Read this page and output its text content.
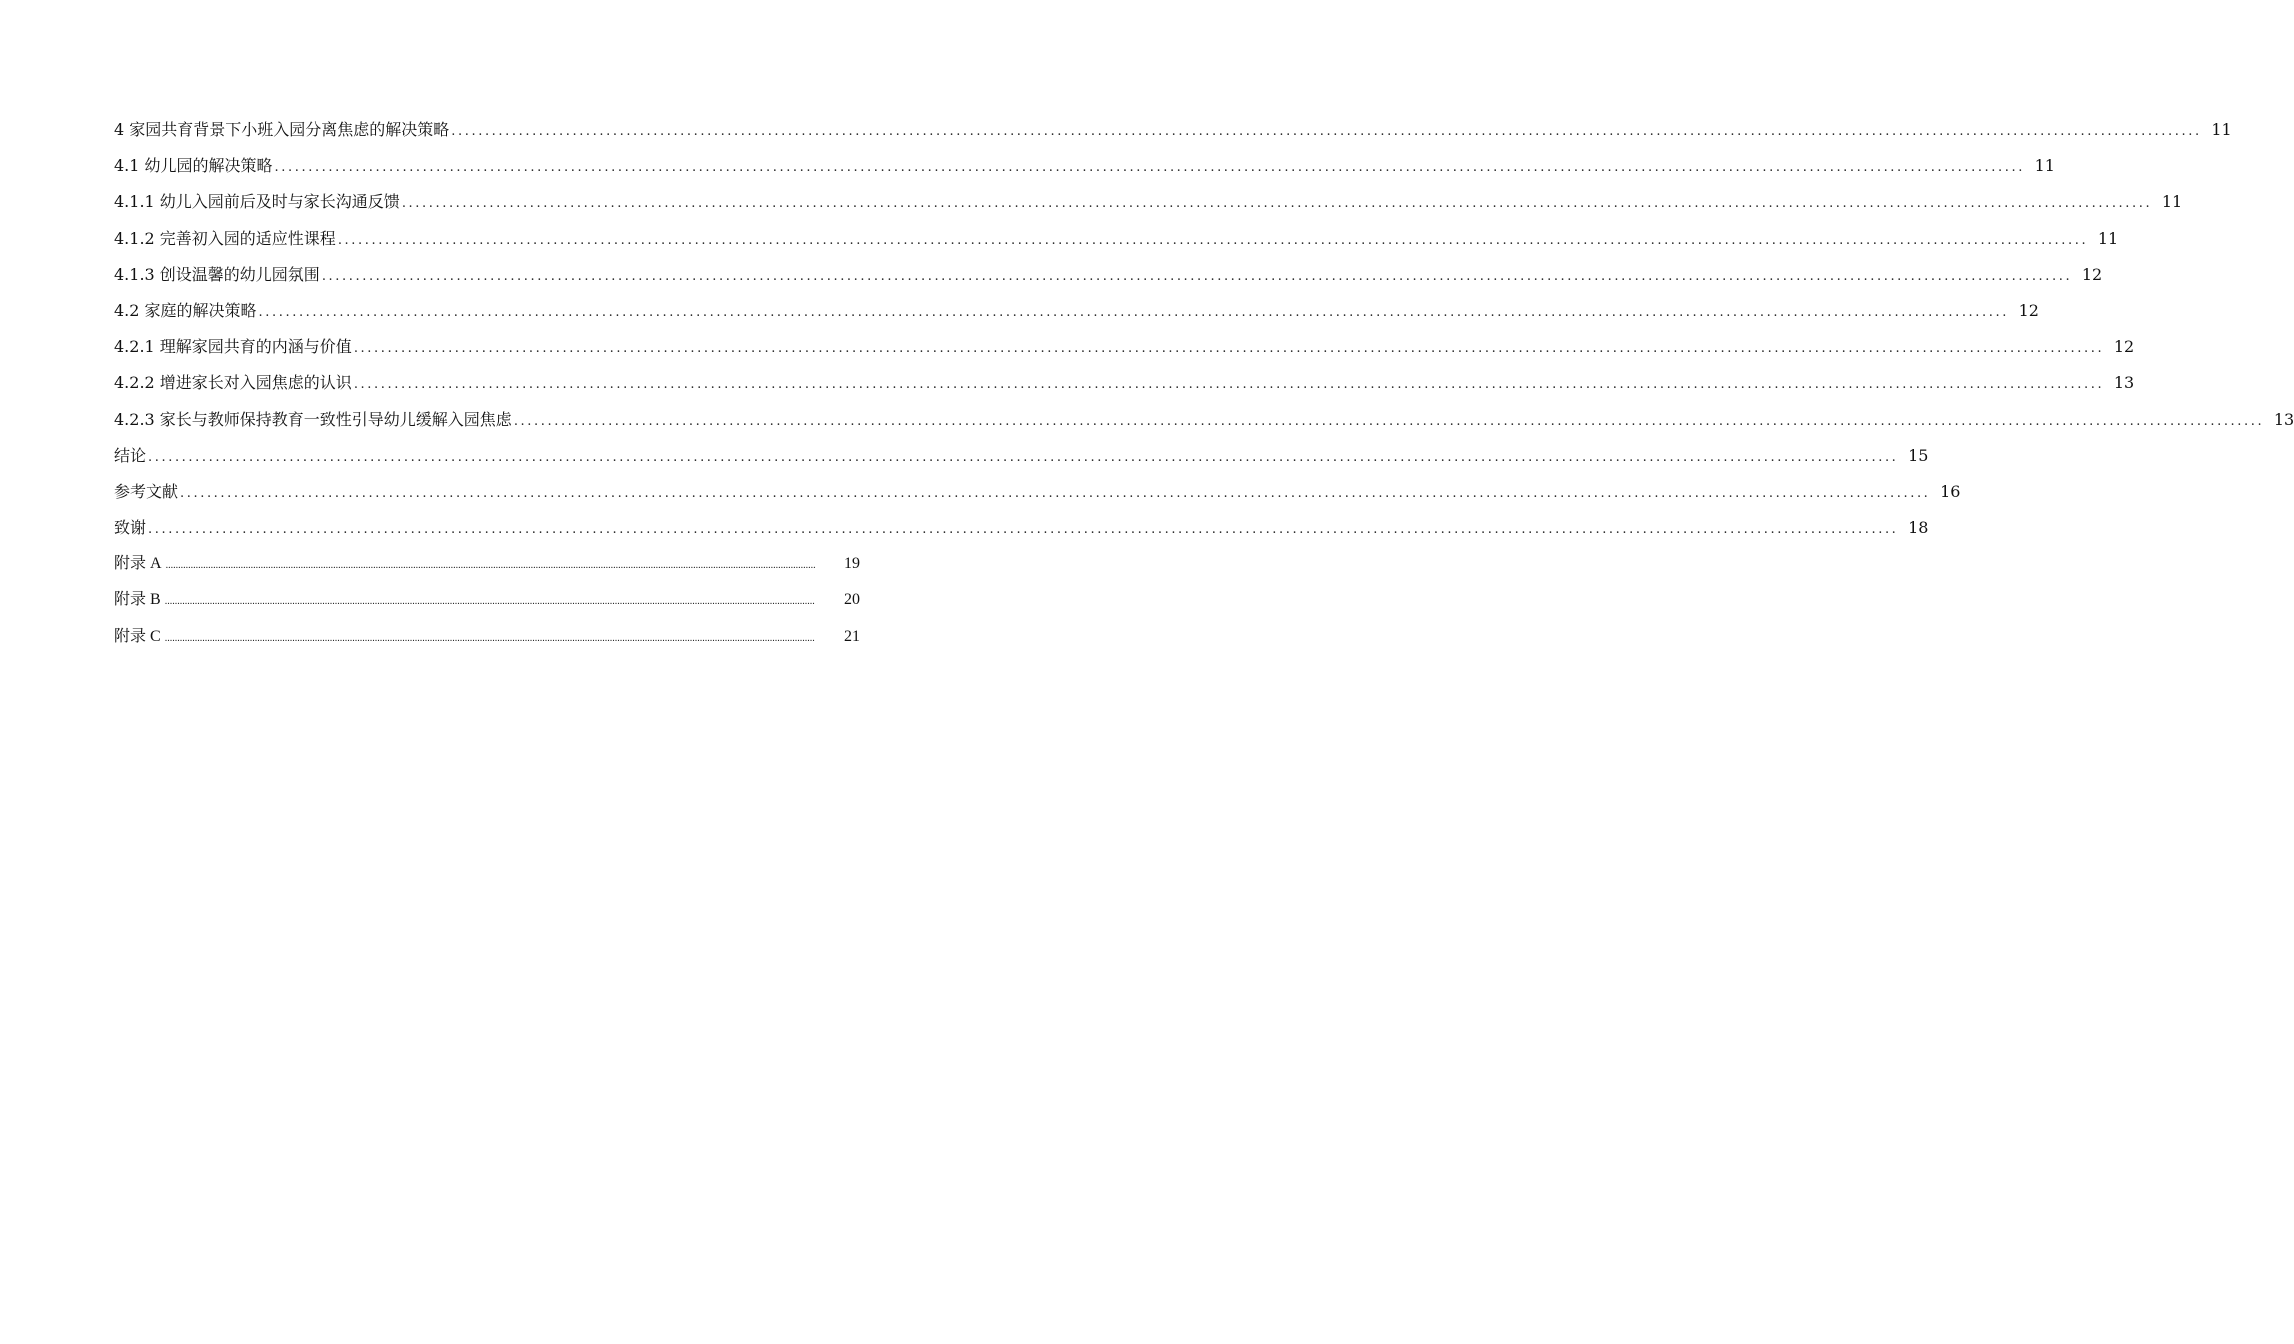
4 家园共育背景下小班入园分离焦虑的解决策略 .................................................................................................................................................................................................................................................................... 11
4.1 幼儿园的解决策略 .................................................................................................................................................................................................................................................................... 11
4.1.1 幼儿入园前后及时与家长沟通反馈 .................................................................................................................................................................................................................................................................... 11
4.1.2 完善初入园的适应性课程 .................................................................................................................................................................................................................................................................... 11
4.1.3 创设温馨的幼儿园氛围 .................................................................................................................................................................................................................................................................... 12
4.2 家庭的解决策略 .................................................................................................................................................................................................................................................................... 12
4.2.1 理解家园共育的内涵与价值 .................................................................................................................................................................................................................................................................... 12
4.2.2 增进家长对入园焦虑的认识 .................................................................................................................................................................................................................................................................... 13
4.2.3 家长与教师保持教育一致性引导幼儿缓解入园焦虑 .................................................................................................................................................................................................................................................................... 13
结论 .................................................................................................................................................................................................................................................................... 15
参考文献 .................................................................................................................................................................................................................................................................... 16
致谢 .................................................................................................................................................................................................................................................................... 18
附录 A ....................................................................................................................................................................................................................................................................	19
附录 B ....................................................................................................................................................................................................................................................................	20
附录 C ....................................................................................................................................................................................................................................................................	21
